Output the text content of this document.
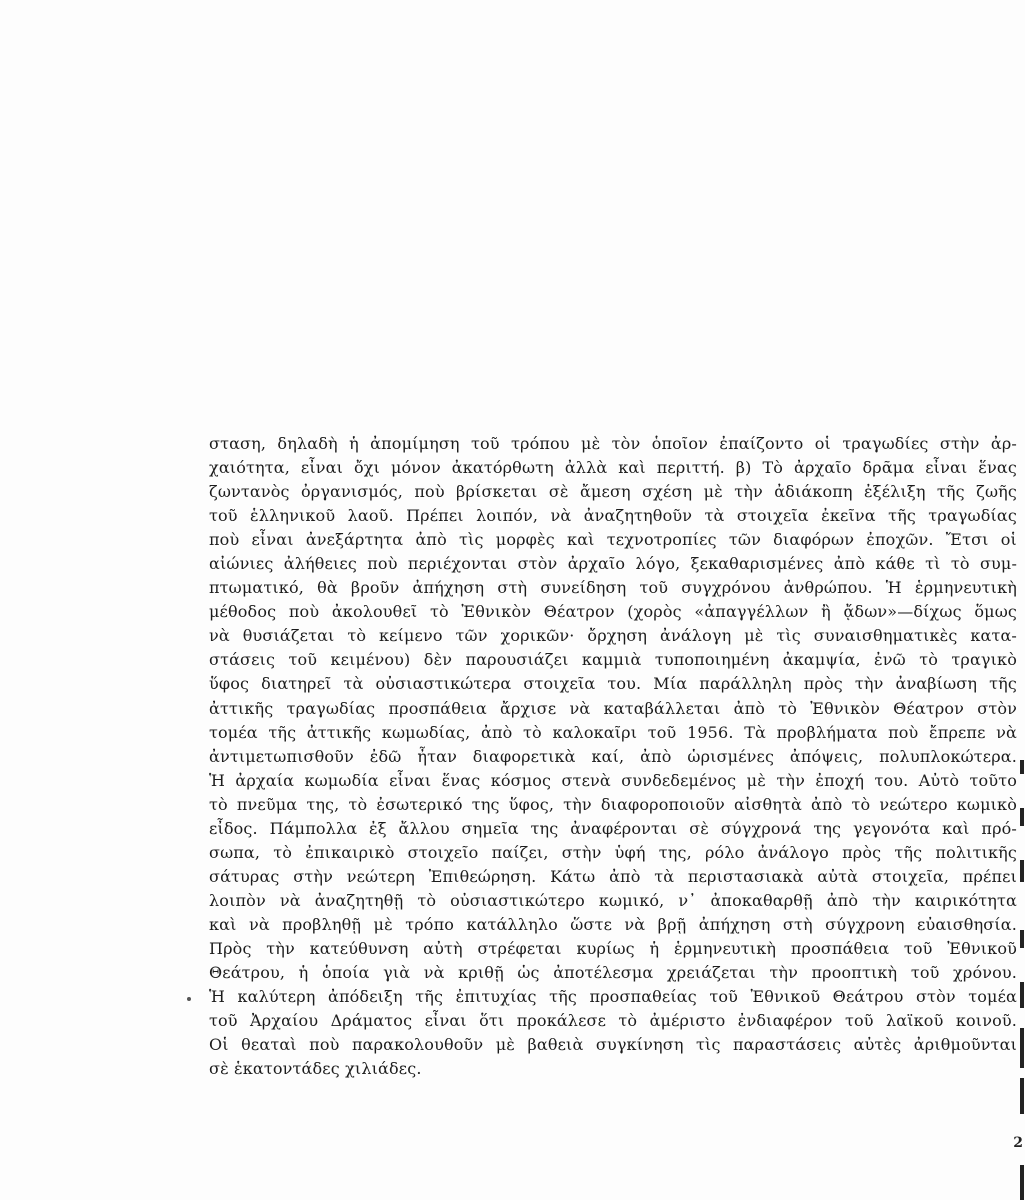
σταση, δηλαδὴ ἡ ἀπομίμηση τοῦ τρόπου μὲ τὸν ὁποῖον ἐπαίζοντο οἱ τραγωδίες στὴν ἀρ-
χαιότητα, εἶναι ὄχι μόνον ἀκατόρθωτη ἀλλὰ καὶ περιττή. β) Τὸ ἀρχαῖο δρᾶμα εἶναι ἕνας
ζωντανὸς ὀργανισμός, ποὺ βρίσκεται σὲ ἄμεση σχέση μὲ τὴν ἀδιάκοπη ἐξέλιξη τῆς ζωῆς
τοῦ ἑλληνικοῦ λαοῦ. Πρέπει λοιπόν, νὰ ἀναζητηθοῦν τὰ στοιχεῖα ἐκεῖνα τῆς τραγωδίας
ποὺ εἶναι ἀνεξάρτητα ἀπὸ τὶς μορφὲς καὶ τεχνοτροπίες τῶν διαφόρων ἐποχῶν. Ἔτσι οἱ
αἰώνιες ἀλήθειες ποὺ περιέχονται στὸν ἀρχαῖο λόγο, ξεκαθαρισμένες ἀπὸ κάθε τὶ τὸ συμ-
πτωματικό, θὰ βροῦν ἀπήχηση στὴ συνείδηση τοῦ συγχρόνου ἀνθρώπου. Ἡ ἑρμηνευτικὴ
μέθοδος ποὺ ἀκολουθεῖ τὸ Ἐθνικὸν Θέατρον (χορὸς «ἀπαγγέλλων ἢ ᾄδων»—δίχως ὅμως
νὰ θυσιάζεται τὸ κείμενο τῶν χορικῶν· ὄρχηση ἀνάλογη μὲ τὶς συναισθηματικὲς κατα-
στάσεις τοῦ κειμένου) δὲν παρουσιάζει καμμιὰ τυποποιημένη ἀκαμψία, ἐνῶ τὸ τραγικὸ
ὕφος διατηρεῖ τὰ οὐσιαστικώτερα στοιχεῖα του. Μία παράλληλη πρὸς τὴν ἀναβίωση τῆς
ἀττικῆς τραγωδίας προσπάθεια ἄρχισε νὰ καταβάλλεται ἀπὸ τὸ Ἐθνικὸν Θέατρον στὸν
τομέα τῆς ἀττικῆς κωμωδίας, ἀπὸ τὸ καλοκαῖρι τοῦ 1956. Τὰ προβλήματα ποὺ ἔπρεπε νὰ
ἀντιμετωπισθοῦν ἐδῶ ἦταν διαφορετικὰ καί, ἀπὸ ὡρισμένες ἀπόψεις, πολυπλοκώτερα.
Ἡ ἀρχαία κωμωδία εἶναι ἕνας κόσμος στενὰ συνδεδεμένος μὲ τὴν ἐποχή του. Αὐτὸ τοῦτο
τὸ πνεῦμα της, τὸ ἐσωτερικό της ὕφος, τὴν διαφοροποιοῦν αἰσθητὰ ἀπὸ τὸ νεώτερο κωμικὸ
εἶδος. Πάμπολλα ἐξ ἄλλου σημεῖα της ἀναφέρονται σὲ σύγχρονά της γεγονότα καὶ πρό-
σωπα, τὸ ἐπικαιρικὸ στοιχεῖο παίζει, στὴν ὑφή της, ρόλο ἀνάλογο πρὸς τῆς πολιτικῆς
σάτυρας στὴν νεώτερη Ἐπιθεώρηση. Κάτω ἀπὸ τὰ περιστασιακὰ αὐτὰ στοιχεῖα, πρέπει
λοιπὸν νὰ ἀναζητηθῇ τὸ οὐσιαστικώτερο κωμικό, ν᾿ ἀποκαθαρθῇ ἀπὸ τὴν καιρικότητα
καὶ νὰ προβληθῇ μὲ τρόπο κατάλληλο ὥστε νὰ βρῇ ἀπήχηση στὴ σύγχρονη εὐαισθησία.
Πρὸς τὴν κατεύθυνση αὐτὴ στρέφεται κυρίως ἡ ἑρμηνευτικὴ προσπάθεια τοῦ Ἐθνικοῦ
Θεάτρου, ἡ ὁποία γιὰ νὰ κριθῇ ὡς ἀποτέλεσμα χρειάζεται τὴν προοπτικὴ τοῦ χρόνου.
Ἡ καλύτερη ἀπόδειξη τῆς ἐπιτυχίας τῆς προσπαθείας τοῦ Ἐθνικοῦ Θεάτρου στὸν τομέα
τοῦ Ἀρχαίου Δράματος εἶναι ὅτι προκάλεσε τὸ ἀμέριστο ἐνδιαφέρον τοῦ λαϊκοῦ κοινοῦ.
Οἱ θεαταὶ ποὺ παρακολουθοῦν μὲ βαθειὰ συγκίνηση τὶς παραστάσεις αὐτὲς ἀριθμοῦνται
σὲ ἑκατοντάδες χιλιάδες.
2
